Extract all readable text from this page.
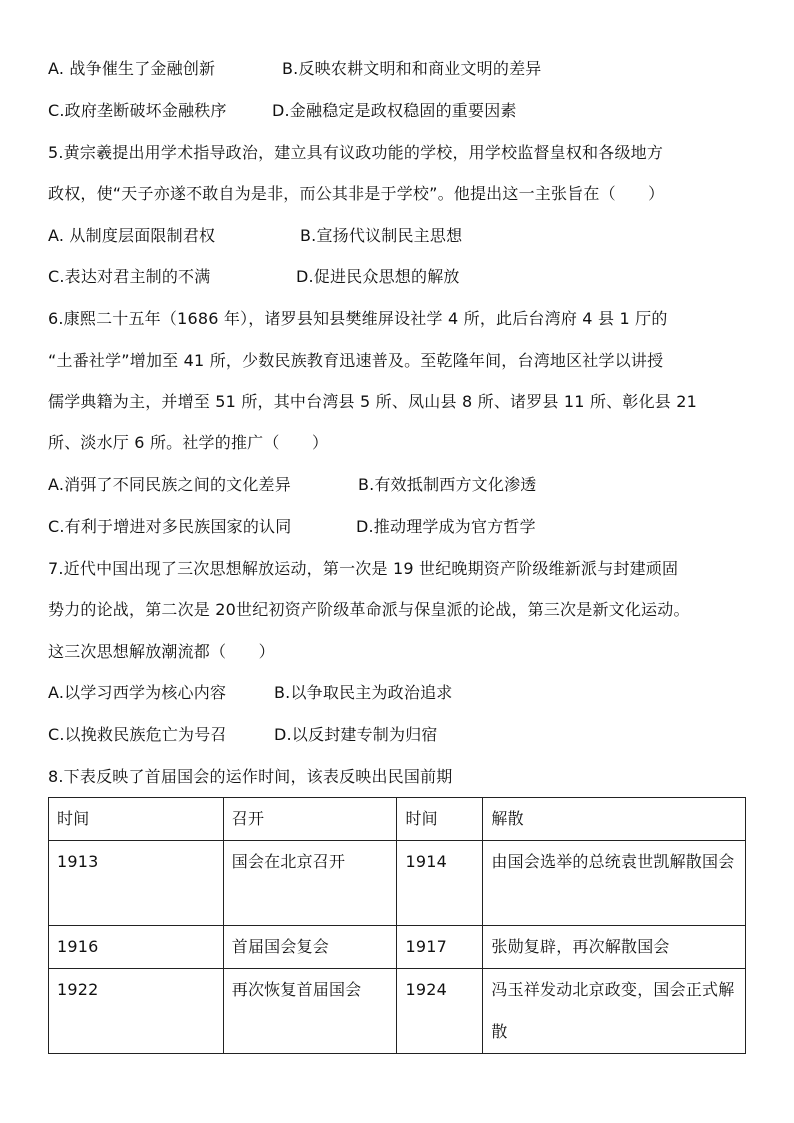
A. 战争催生了金融创新	B.反映农耕文明和和商业文明的差异
C.政府垄断破坏金融秩序	D.金融稳定是政权稳固的重要因素
5.黄宗羲提出用学术指导政治，建立具有议政功能的学校，用学校监督皇权和各级地方
政权，使“天子亦遂不敢自为是非，而公其非是于学校”。他提出这一主张旨在（　　）
A. 从制度层面限制君权	B.宣扬代议制民主思想
C.表达对君主制的不满	D.促进民众思想的解放
6.康熙二十五年（1686 年），诸罗县知县樊维屏设社学 4 所，此后台湾府 4 县 1 厅的
“土番社学”增加至 41 所，少数民族教育迅速普及。至乾隆年间，台湾地区社学以讲授
儒学典籍为主，并增至 51 所，其中台湾县 5 所、凤山县 8 所、诸罗县 11 所、彰化县 21
所、淡水厅 6 所。社学的推广（　　）
A.消弭了不同民族之间的文化差异	B.有效抵制西方文化渗透
C.有利于增进对多民族国家的认同	D.推动理学成为官方哲学
7.近代中国出现了三次思想解放运动，第一次是 19 世纪晚期资产阶级维新派与封建顽固
势力的论战，第二次是 20世纪初资产阶级革命派与保皇派的论战，第三次是新文化运动。
这三次思想解放潮流都（　　）
A.以学习西学为核心内容	B.以争取民主为政治追求
C.以挽救民族危亡为号召	D.以反封建专制为归宿
8.下表反映了首届国会的运作时间，该表反映出民国前期
时间	召开	时间	解散

1913	国会在北京召开	1914	由国会选举的总统袁世凯解散国会

1916	首届国会复会	1917	张勋复辟，再次解散国会

1922	再次恢复首届国会	1924	冯玉祥发动北京政变，国会正式解散
